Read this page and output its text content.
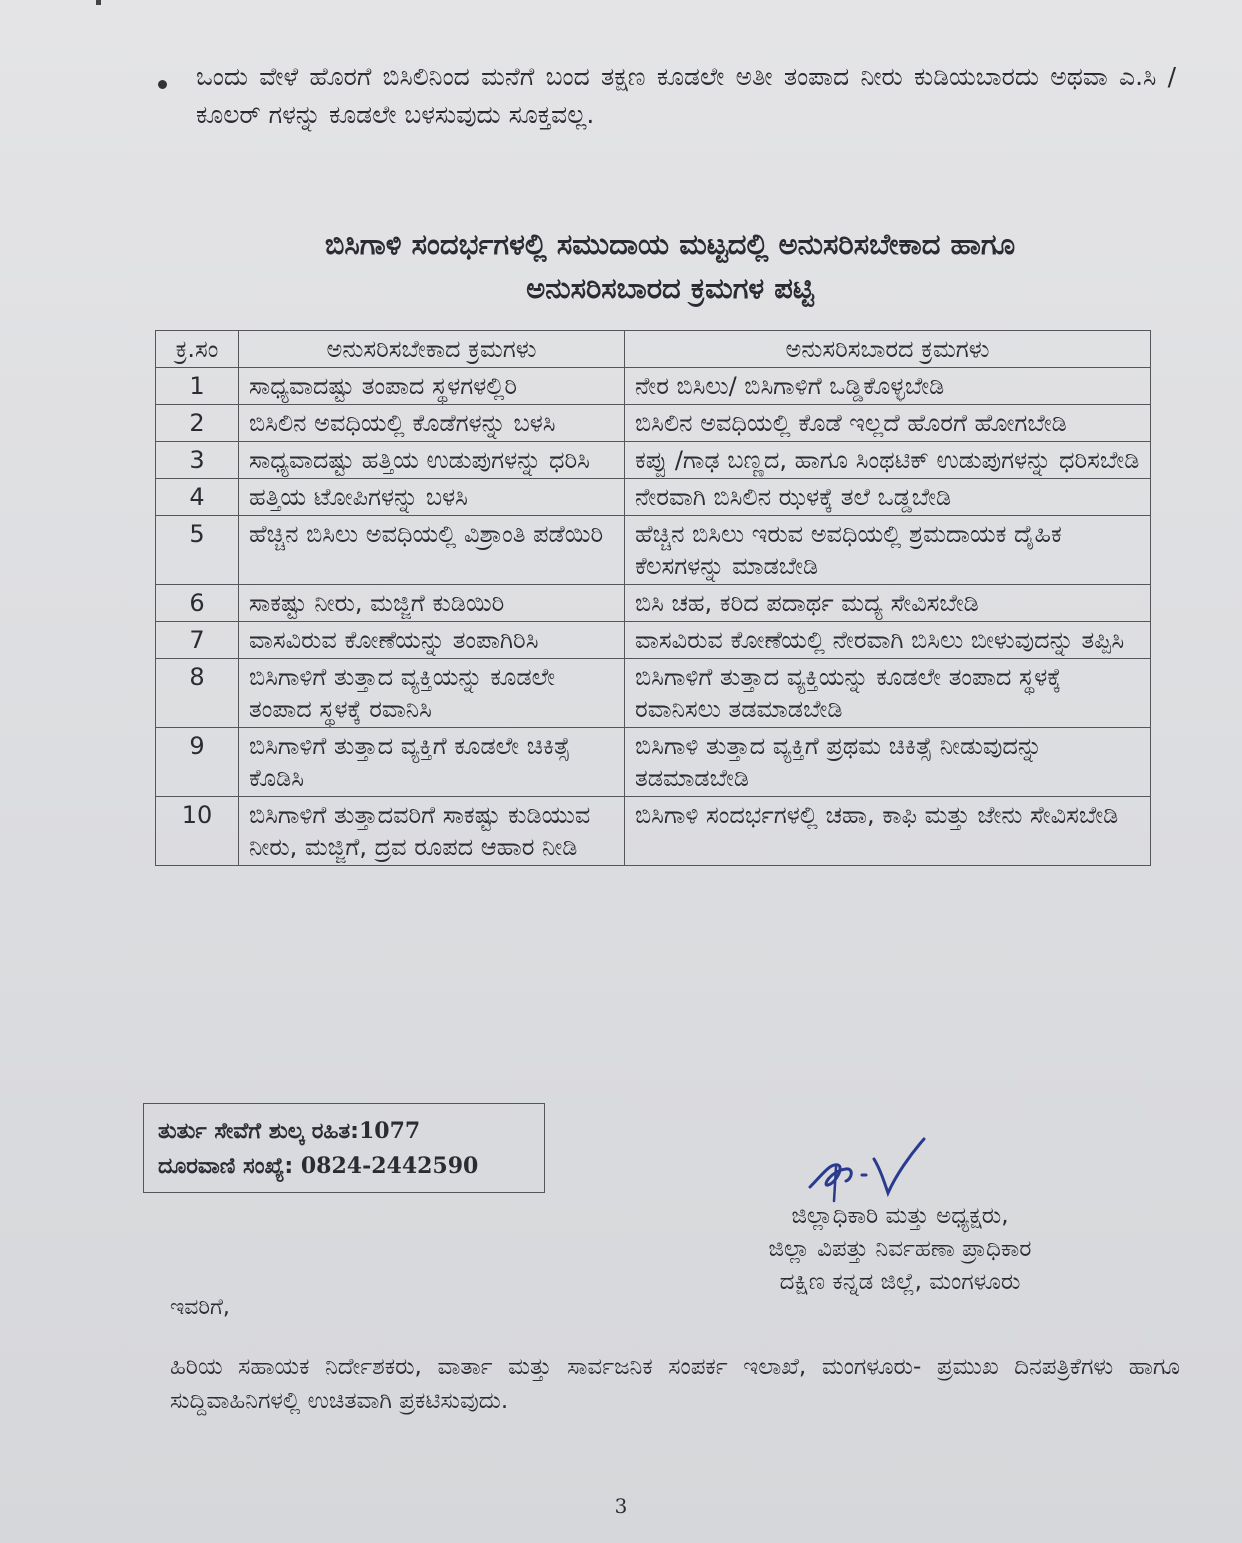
ಒಂದು ವೇಳೆ ಹೊರಗೆ ಬಿಸಿಲಿನಿಂದ ಮನೆಗೆ ಬಂದ ತಕ್ಷಣ ಕೂಡಲೇ ಅತೀ ತಂಪಾದ ನೀರು ಕುಡಿಯಬಾರದು ಅಥವಾ ಎ.ಸಿ /ಕೂಲರ್ ಗಳನ್ನು ಕೂಡಲೇ ಬಳಸುವುದು ಸೂಕ್ತವಲ್ಲ.
ಬಿಸಿಗಾಳಿ ಸಂದರ್ಭಗಳಲ್ಲಿ ಸಮುದಾಯ ಮಟ್ಟದಲ್ಲಿ ಅನುಸರಿಸಬೇಕಾದ ಹಾಗೂ
ಅನುಸರಿಸಬಾರದ ಕ್ರಮಗಳ ಪಟ್ಟಿ
ಕ್ರ.ಸಂ	ಅನುಸರಿಸಬೇಕಾದ ಕ್ರಮಗಳು	ಅನುಸರಿಸಬಾರದ ಕ್ರಮಗಳು
1	ಸಾಧ್ಯವಾದಷ್ಟು ತಂಪಾದ ಸ್ಥಳಗಳಲ್ಲಿರಿ	ನೇರ ಬಿಸಿಲು/ ಬಿಸಿಗಾಳಿಗೆ ಒಡ್ಡಿಕೊಳ್ಳಬೇಡಿ
2	ಬಿಸಿಲಿನ ಅವಧಿಯಲ್ಲಿ ಕೊಡೆಗಳನ್ನು ಬಳಸಿ	ಬಿಸಿಲಿನ ಅವಧಿಯಲ್ಲಿ ಕೊಡೆ ಇಲ್ಲದೆ ಹೊರಗೆ ಹೋಗಬೇಡಿ
3	ಸಾಧ್ಯವಾದಷ್ಟು ಹತ್ತಿಯ ಉಡುಪುಗಳನ್ನು ಧರಿಸಿ	ಕಪ್ಪು /ಗಾಢ ಬಣ್ಣದ, ಹಾಗೂ ಸಿಂಥಟಿಕ್ ಉಡುಪುಗಳನ್ನು ಧರಿಸಬೇಡಿ
4	ಹತ್ತಿಯ ಟೋಪಿಗಳನ್ನು ಬಳಸಿ	ನೇರವಾಗಿ ಬಿಸಿಲಿನ ಝಳಕ್ಕೆ ತಲೆ ಒಡ್ಡಬೇಡಿ
5	ಹೆಚ್ಚಿನ ಬಿಸಿಲು ಅವಧಿಯಲ್ಲಿ ವಿಶ್ರಾಂತಿ ಪಡೆಯಿರಿ	ಹೆಚ್ಚಿನ ಬಿಸಿಲು ಇರುವ ಅವಧಿಯಲ್ಲಿ ಶ್ರಮದಾಯಕ ದೈಹಿಕ ಕೆಲಸಗಳನ್ನು ಮಾಡಬೇಡಿ
6	ಸಾಕಷ್ಟು ನೀರು, ಮಜ್ಜಿಗೆ ಕುಡಿಯಿರಿ	ಬಿಸಿ ಚಹ, ಕರಿದ ಪದಾರ್ಥ ಮದ್ಯ ಸೇವಿಸಬೇಡಿ
7	ವಾಸವಿರುವ ಕೋಣೆಯನ್ನು ತಂಪಾಗಿರಿಸಿ	ವಾಸವಿರುವ ಕೋಣೆಯಲ್ಲಿ ನೇರವಾಗಿ ಬಿಸಿಲು ಬೀಳುವುದನ್ನು ತಪ್ಪಿಸಿ
8	ಬಿಸಿಗಾಳಿಗೆ ತುತ್ತಾದ ವ್ಯಕ್ತಿಯನ್ನು ಕೂಡಲೇ ತಂಪಾದ ಸ್ಥಳಕ್ಕೆ ರವಾನಿಸಿ	ಬಿಸಿಗಾಳಿಗೆ ತುತ್ತಾದ ವ್ಯಕ್ತಿಯನ್ನು ಕೂಡಲೇ ತಂಪಾದ ಸ್ಥಳಕ್ಕೆ ರವಾನಿಸಲು ತಡಮಾಡಬೇಡಿ
9	ಬಿಸಿಗಾಳಿಗೆ ತುತ್ತಾದ ವ್ಯಕ್ತಿಗೆ ಕೂಡಲೇ ಚಿಕಿತ್ಸೆ ಕೊಡಿಸಿ	ಬಿಸಿಗಾಳಿ ತುತ್ತಾದ ವ್ಯಕ್ತಿಗೆ ಪ್ರಥಮ ಚಿಕಿತ್ಸೆ ನೀಡುವುದನ್ನು ತಡಮಾಡಬೇಡಿ
10	ಬಿಸಿಗಾಳಿಗೆ ತುತ್ತಾದವರಿಗೆ ಸಾಕಷ್ಟು ಕುಡಿಯುವ ನೀರು, ಮಜ್ಜಿಗೆ, ದ್ರವ ರೂಪದ ಆಹಾರ ನೀಡಿ	ಬಿಸಿಗಾಳಿ ಸಂದರ್ಭಗಳಲ್ಲಿ ಚಹಾ, ಕಾಫಿ ಮತ್ತು ಜೇನು ಸೇವಿಸಬೇಡಿ
ತುರ್ತು ಸೇವೆಗೆ ಶುಲ್ಕ ರಹಿತ:1077
ದೂರವಾಣಿ ಸಂಖ್ಯೆ: 0824-2442590
ಜಿಲ್ಲಾಧಿಕಾರಿ ಮತ್ತು ಅಧ್ಯಕ್ಷರು,
ಜಿಲ್ಲಾ ವಿಪತ್ತು ನಿರ್ವಹಣಾ ಪ್ರಾಧಿಕಾರ
ದಕ್ಷಿಣ ಕನ್ನಡ ಜಿಲ್ಲೆ, ಮಂಗಳೂರು
ಇವರಿಗೆ,
ಹಿರಿಯ ಸಹಾಯಕ ನಿರ್ದೇಶಕರು, ವಾರ್ತಾ ಮತ್ತು ಸಾರ್ವಜನಿಕ ಸಂಪರ್ಕ ಇಲಾಖೆ, ಮಂಗಳೂರು- ಪ್ರಮುಖ ದಿನಪತ್ರಿಕೆಗಳು ಹಾಗೂ ಸುದ್ದಿವಾಹಿನಿಗಳಲ್ಲಿ ಉಚಿತವಾಗಿ ಪ್ರಕಟಿಸುವುದು.
3
